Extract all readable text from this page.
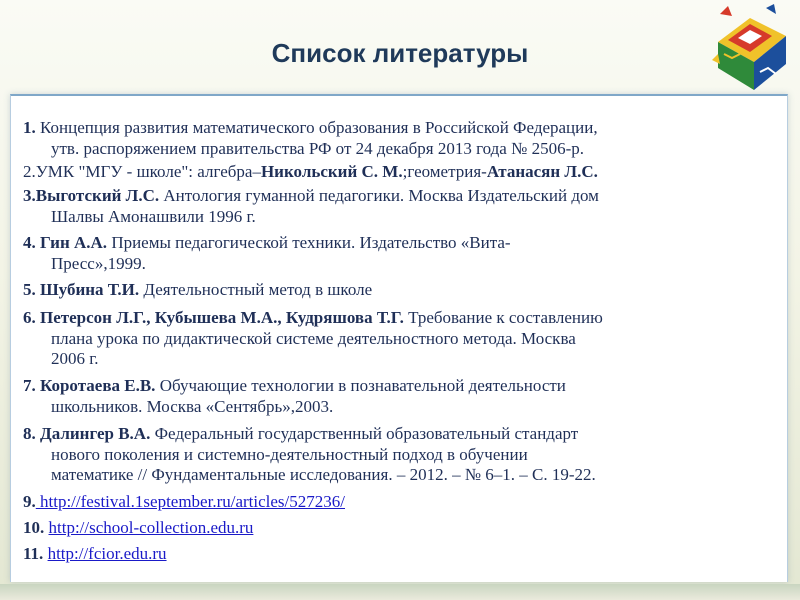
Список литературы
1. Концепция развития математического образования в Российской Федерации,
утв. распоряжением правительства РФ от 24 декабря 2013 года № 2506-р.
2.УМК "МГУ - школе": алгебра–Никольский С. М.;геометрия-Атанасян Л.С.
3.Выготский Л.С. Антология гуманной педагогики. Москва Издательский дом
Шалвы Амонашвили 1996 г.
4. Гин А.А. Приемы педагогической техники. Издательство «Вита-
Пресс»,1999.
5. Шубина Т.И. Деятельностный метод в школе
6. Петерсон Л.Г., Кубышева М.А., Кудряшова Т.Г. Требование к составлению
плана урока по дидактической системе деятельностного метода. Москва
2006 г.
7. Коротаева Е.В. Обучающие технологии в познавательной деятельности
школьников. Москва «Сентябрь»,2003.
8. Далингер В.А. Федеральный государственный образовательный стандарт
нового поколения и системно-деятельностный подход в обучении
математике // Фундаментальные исследования. – 2012. – № 6–1. – С. 19-22.
9. http://festival.1september.ru/articles/527236/
10. http://school-collection.edu.ru
11. http://fcior.edu.ru
